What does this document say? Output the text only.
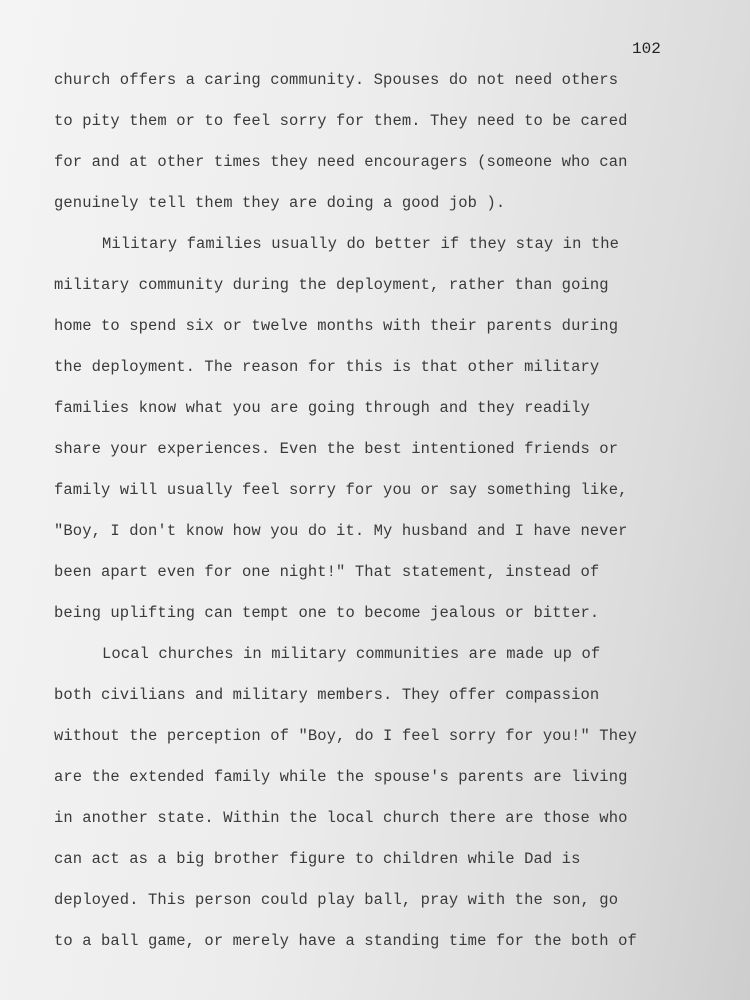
102
church offers a caring community. Spouses do not need others
to pity them or to feel sorry for them. They need to be cared
for and at other times they need encouragers (someone who can
genuinely tell them they are doing a good job ).
Military families usually do better if they stay in the
military community during the deployment, rather than going
home to spend six or twelve months with their parents during
the deployment. The reason for this is that other military
families know what you are going through and they readily
share your experiences. Even the best intentioned friends or
family will usually feel sorry for you or say something like,
"Boy, I don't know how you do it. My husband and I have never
been apart even for one night!" That statement, instead of
being uplifting can tempt one to become jealous or bitter.
Local churches in military communities are made up of
both civilians and military members. They offer compassion
without the perception of "Boy, do I feel sorry for you!" They
are the extended family while the spouse's parents are living
in another state. Within the local church there are those who
can act as a big brother figure to children while Dad is
deployed. This person could play ball, pray with the son, go
to a ball game, or merely have a standing time for the both of
